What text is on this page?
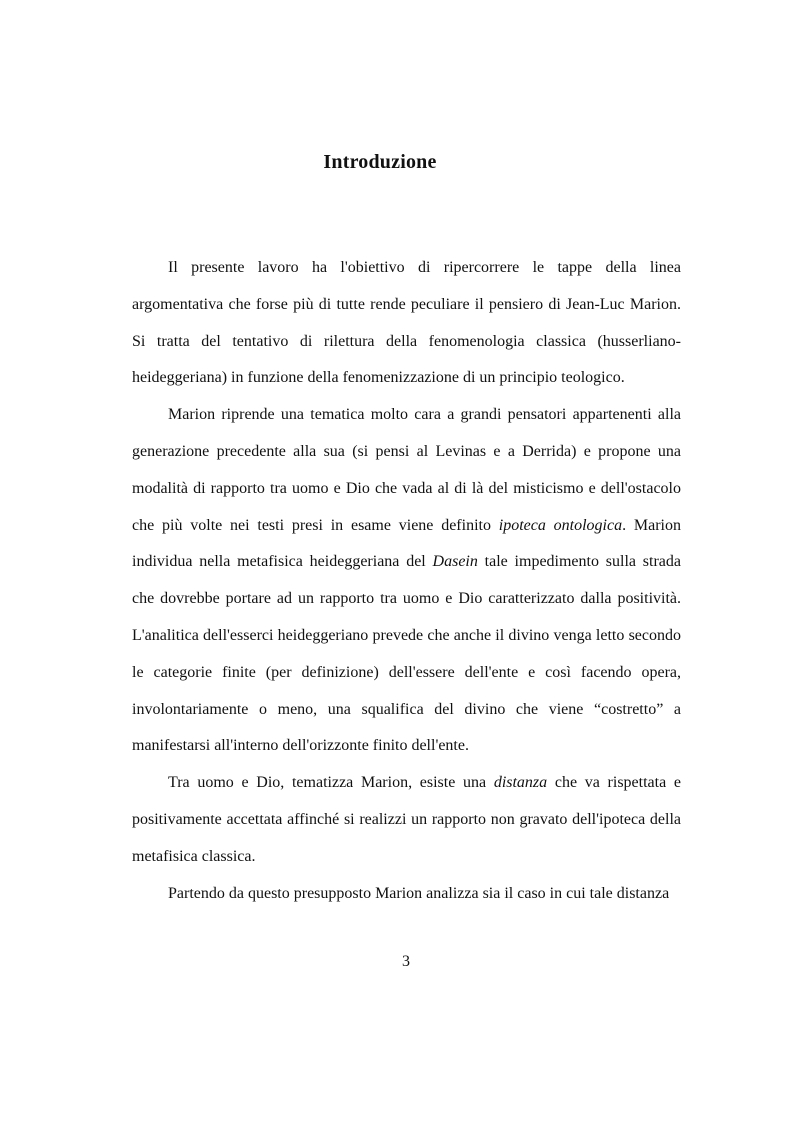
Introduzione

Il presente lavoro ha l'obiettivo di ripercorrere le tappe della linea argomentativa che forse più di tutte rende peculiare il pensiero di Jean-Luc Marion. Si tratta del tentativo di rilettura della fenomenologia classica (husserliano-heideggeriana) in funzione della fenomenizzazione di un principio teologico.

Marion riprende una tematica molto cara a grandi pensatori appartenenti alla generazione precedente alla sua (si pensi al Levinas e a Derrida) e propone una modalità di rapporto tra uomo e Dio che vada al di là del misticismo e dell'ostacolo che più volte nei testi presi in esame viene definito ipoteca ontologica. Marion individua nella metafisica heideggeriana del Dasein tale impedimento sulla strada che dovrebbe portare ad un rapporto tra uomo e Dio caratterizzato dalla positività. L'analitica dell'esserci heideggeriano prevede che anche il divino venga letto secondo le categorie finite (per definizione) dell'essere dell'ente e così facendo opera, involontariamente o meno, una squalifica del divino che viene “costretto” a manifestarsi all'interno dell'orizzonte finito dell'ente.

Tra uomo e Dio, tematizza Marion, esiste una distanza che va rispettata e positivamente accettata affinché si realizzi un rapporto non gravato dell'ipoteca della metafisica classica.

Partendo da questo presupposto Marion analizza sia il caso in cui tale distanza

3
